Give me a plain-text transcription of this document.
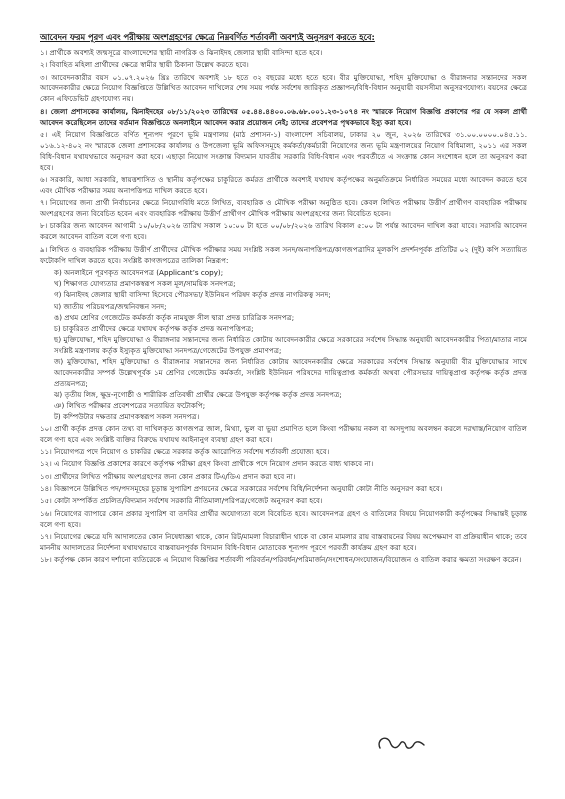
আবেদন ফরম পূরণ এবং পরীক্ষায় অংশগ্রহণের ক্ষেত্রে নিম্নবর্ণিত শর্তাবলী অবশ্যই অনুসরণ করতে হবে:

১। প্রার্থীকে অবশ্যই জন্মসূত্রে বাংলাদেশের স্থায়ী নাগরিক ও ঝিনাইদহ জেলার স্থায়ী বাসিন্দা হতে হবে।

২। বিবাহিত মহিলা প্রার্থীদের ক্ষেত্রে স্বামীর স্থায়ী ঠিকানা উল্লেখ করতে হবে।

৩। আবেদনকারীর বয়স ০১.০৭.২০২৬ খ্রিঃ তারিখে অবশ্যই ১৮ হতে ৩২ বছরের মধ্যে হতে হবে। বীর মুক্তিযোদ্ধা, শহিদ মুক্তিযোদ্ধা ও বীরাঙ্গনার সন্তানদের সকল আবেদনকারীর ক্ষেত্রে নিয়োগ বিজ্ঞপ্তিতে উল্লিখিত আবেদন দাখিলের শেষ সময় পর্যন্ত সর্বশেষ জারিকৃত প্রজ্ঞাপন/বিধি-বিধান অনুযায়ী বয়সসীমা অনুসরণযোগ্য। বয়সের ক্ষেত্রে কোন এফিডেভিট গ্রহণযোগ্য নয়।

৪। জেলা প্রশাসকের কার্যালয়, ঝিনাইদহের ০৮/১১/২০২৩ তারিখের ০৫.৪৪.৪৪০০.০৬.৬৮.০০১.২৩-১০৭৪ নং স্মারকে নিয়োগ বিজ্ঞপ্তি প্রকাশের পর যে সকল প্রার্থী আবেদন করেছিলেন তাদের বর্তমান বিজ্ঞপ্তিতে অনলাইনে আবেদন করার প্রয়োজন নেই; তাদের প্রবেশপত্র পৃথকভাবে ইস্যু করা হবে।

৫। এই নিয়োগ বিজ্ঞপ্তিতে বর্ণিত শূন্যপদ পূরণে ভূমি মন্ত্রণালয় (মাঠ প্রশাসন-১) বাংলাদেশ সচিবালয়, ঢাকার ২০ জুন, ২০২৬ তারিখের ৩১.০০.০০০০.০৪৫.১১. ০১৬.১২-৪০২ নং স্মারকে জেলা প্রশাসকের কার্যালয় ও উপজেলা ভূমি অফিসসমূহে কর্মকর্তা/কর্মচারী নিয়োগের জন্য ভূমি মন্ত্রণালয়ের নিয়োগ বিধিমালা, ২০১১ এর সকল বিধি-বিধান যথাযথভাবে অনুসরণ করা হবে। এছাড়া নিয়োগ সংক্রান্ত বিদ্যমান যাবতীয় সরকারি বিধি-বিধান এবং পরবর্তীতে এ সংক্রান্ত কোন সংশোধন হলে তা অনুসরণ করা হবে।

৬। সরকারি, আধা সরকারি, স্বায়ত্তশাসিত ও স্থানীয় কর্তৃপক্ষের চাকুরিতে কর্মরত প্রার্থীকে অবশ্যই যথাযথ কর্তৃপক্ষের অনুমতিক্রমে নির্ধারিত সময়ের মধ্যে আবেদন করতে হবে এবং মৌখিক পরীক্ষার সময় অনাপত্তিপত্র দাখিল করতে হবে।

৭। নিয়োগের জন্য প্রার্থী নির্বাচনের ক্ষেত্রে নিয়োগবিধি মতে লিখিত, ব্যবহারিক ও মৌখিক পরীক্ষা অনুষ্ঠিত হবে। কেবল লিখিত পরীক্ষায় উত্তীর্ণ প্রার্থীগণ ব্যবহারিক পরীক্ষায় অংশগ্রহণের জন্য বিবেচিত হবেন এবং ব্যবহারিক পরীক্ষায় উত্তীর্ণ প্রার্থীগণ মৌখিক পরীক্ষায় অংশগ্রহণের জন্য বিবেচিত হবেন।

৮। চাকরির জন্য আবেদন আগামী ১০/০৮/২০২৬ তারিখ সকাল ১০:০০ টা হতে ০০/০৮/২০২৬ তারিখ বিকাল ৫:০০ টা পর্যন্ত আবেদন দাখিল করা যাবে। সরাসরি আবেদন করলে আবেদন বাতিল বলে গণ্য হবে।

৯। লিখিত ও ব্যবহারিক পরীক্ষায় উত্তীর্ণ প্রার্থীদের মৌখিক পরীক্ষার সময় সংশ্লিষ্ট সকল সনদ/অনাপত্তিপত্র/কাগজপত্রাদির মূলকপি প্রদর্শনপূর্বক প্রতিটির ০২ (দুই) কপি সত্যায়িত ফটোকপি দাখিল করতে হবে। সংশ্লিষ্ট কাগজপত্রের তালিকা নিম্নরূপ:

ক) অনলাইনে পূরণকৃত আবেদনপত্র (Applicant’s copy);

খ) শিক্ষাগত যোগ্যতার প্রমাণকস্বরূপ সকল মূল/সাময়িক সনদপত্র;

গ) ঝিনাইদহ জেলার স্থায়ী বাসিন্দা হিসেবে পৌরসভা/ ইউনিয়ন পরিষদ কর্তৃক প্রদত্ত নাগরিকত্ব সনদ;

ঘ) জাতীয় পরিচয়পত্র/জন্মনিবন্ধন সনদ;

ঙ) প্রথম শ্রেণির গেজেটেড কর্মকর্তা কর্তৃক নামযুক্ত সীল দ্বারা প্রদত্ত চারিত্রিক সনদপত্র;

চ) চাকুরিরত প্রার্থীদের ক্ষেত্রে যথাযথ কর্তৃপক্ষ কর্তৃক প্রদত্ত অনাপত্তিপত্র;

ছ) মুক্তিযোদ্ধা, শহিদ মুক্তিযোদ্ধা ও বীরাঙ্গনার সন্তানদের জন্য নির্ধারিত কোটায় আবেদনকারীর ক্ষেত্রে সরকারের সর্বশেষ সিদ্ধান্ত অনুযায়ী আবেদনকারীর পিতা/মাতার নামে সংশ্লিষ্ট মন্ত্রণালয় কর্তৃক ইস্যুকৃত মুক্তিযোদ্ধা সনদপত্র/গেজেটের উপযুক্ত প্রমাণপত্র;

জ) মুক্তিযোদ্ধা, শহিদ মুক্তিযোদ্ধা ও বীরাঙ্গনার সন্তানদের জন্য নির্ধারিত কোটায় আবেদনকারীর ক্ষেত্রে সরকারের সর্বশেষ সিদ্ধান্ত অনুযায়ী বীর মুক্তিযোদ্ধার সাথে আবেদনকারীর সম্পর্ক উল্লেখপূর্বক ১ম শ্রেণির গেজেটেড কর্মকর্তা, সংশ্লিষ্ট ইউনিয়ন পরিষদের দায়িত্বপ্রাপ্ত কর্মকর্তা অথবা পৌরসভার দায়িত্বপ্রাপ্ত কর্তৃপক্ষ কর্তৃক প্রদত্ত প্রত্যয়নপত্র;

ঝ) তৃতীয় লিঙ্গ, ক্ষুদ্র-নৃগোষ্ঠী ও শারীরিক প্রতিবন্ধী প্রার্থীর ক্ষেত্রে উপযুক্ত কর্তৃপক্ষ কর্তৃক প্রদত্ত সনদপত্র;

ঞ) লিখিত পরীক্ষার প্রবেশপত্রের সত্যায়িত ফটোকপি;

ট) কম্পিউটার দক্ষতার প্রমাণকস্বরূপ সকল সনদপত্র।

১০। প্রার্থী কর্তৃক প্রদত্ত কোন তথ্য বা দাখিলকৃত কাগজপত্র জাল, মিথ্যা, ভুল বা ভুয়া প্রমাণিত হলে কিংবা পরীক্ষায় নকল বা অসদুপায় অবলম্বন করলে দরখাস্ত/নিয়োগ বাতিল বলে গণ্য হবে এবং সংশ্লিষ্ট ব্যক্তির বিরুদ্ধে যথাযথ আইনানুগ ব্যবস্থা গ্রহণ করা হবে।

১১। নিয়োগপত্র পদে নিয়োগ ও চাকরির ক্ষেত্রে সরকার কর্তৃক আরোপিত সর্বশেষ শর্তাবলী প্রযোজ্য হবে।

১২। এ নিয়োগ বিজ্ঞপ্তি প্রকাশের কারণে কর্তৃপক্ষ পরীক্ষা গ্রহণ কিংবা প্রার্থীকে পদে নিয়োগ প্রদান করতে বাধ্য থাকবে না।

১৩। প্রার্থীদের লিখিত পরীক্ষায় অংশগ্রহণের জন্য কোন প্রকার টিএ/ডিএ প্রদান করা হবে না।

১৪। বিজ্ঞাপনে উল্লিখিত পদ/পদসমূহের চূড়ান্ত সুপারিশ প্রণয়নের ক্ষেত্রে সরকারের সর্বশেষ বিধি/নির্দেশনা অনুযায়ী কোটা নীতি অনুসরণ করা হবে।

১৫। কোটা সম্পর্কিত প্রচলিত/বিদ্যমান সর্বশেষ সরকারি নীতিমালা/পরিপত্র/গেজেট অনুসরণ করা হবে।

১৬। নিয়োগের ব্যাপারে কোন প্রকার সুপারিশ বা তদবির প্রার্থীর অযোগ্যতা বলে বিবেচিত হবে। আবেদনপত্র গ্রহণ ও বাতিলের বিষয়ে নিয়োগকারী কর্তৃপক্ষের সিদ্ধান্তই চূড়ান্ত বলে গণ্য হবে।

১৭। নিয়োগের ক্ষেত্রে যদি আদালতের কোন নিষেধাজ্ঞা থাকে, কোন রিট/মামলা বিচারাধীন থাকে বা কোন মামলার রায় বাস্তবায়নের বিষয় অপেক্ষমাণ বা প্রক্রিয়াধীন থাকে; তবে মাননীয় আদালতের নির্দেশনা যথাযথভাবে বাস্তবায়নপূর্বক বিদ্যমান বিধি-বিধান মোতাবেক শূন্যপদ পূরণে পরবর্তী কার্যক্রম গ্রহণ করা হবে।

১৮। কর্তৃপক্ষ কোন কারণ দর্শানো ব্যতিরেকে এ নিয়োগ বিজ্ঞপ্তির শর্তাবলী পরিবর্তন/পরিবর্ধন/পরিমার্জন/সংশোধন/সংযোজন/বিয়োজন ও বাতিল করার ক্ষমতা সংরক্ষণ করেন।
